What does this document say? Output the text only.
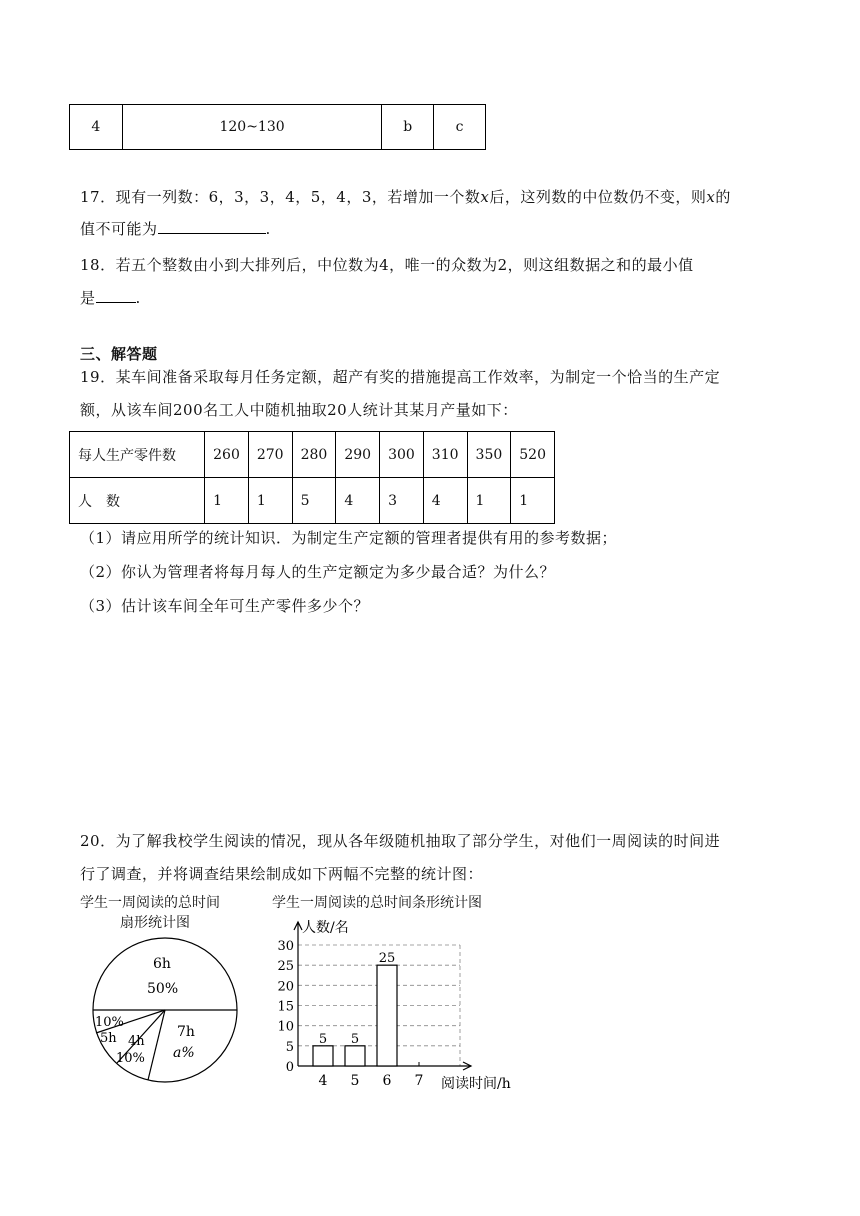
4	120~130	b	c
17．现有一列数：6，3，3，4，5，4，3，若增加一个数x后，这列数的中位数仍不变，则x的
值不可能为	.
18．若五个整数由小到大排列后，中位数为4，唯一的众数为2，则这组数据之和的最小值
是	.
三、解答题
19．某车间准备采取每月任务定额，超产有奖的措施提高工作效率，为制定一个恰当的生产定
额，从该车间200名工人中随机抽取20人统计其某月产量如下：
每人生产零件数	260	270	280	290	300	310	350	520
人　数	1	1	5	4	3	4	1	1
（1）请应用所学的统计知识．为制定生产定额的管理者提供有用的参考数据；
（2）你认为管理者将每月每人的生产定额定为多少最合适？为什么？
（3）估计该车间全年可生产零件多少个？
20．为了解我校学生阅读的情况，现从各年级随机抽取了部分学生，对他们一周阅读的时间进
行了调查，并将调查结果绘制成如下两幅不完整的统计图：
学生一周阅读的总时间
扇形统计图
6h
50%
10%
5h 4h
10%
7h
a%
学生一周阅读的总时间条形统计图
0
5
10
15
20
25
30
人数/名
阅读时间/h
4
5
5
5
6
25
7
